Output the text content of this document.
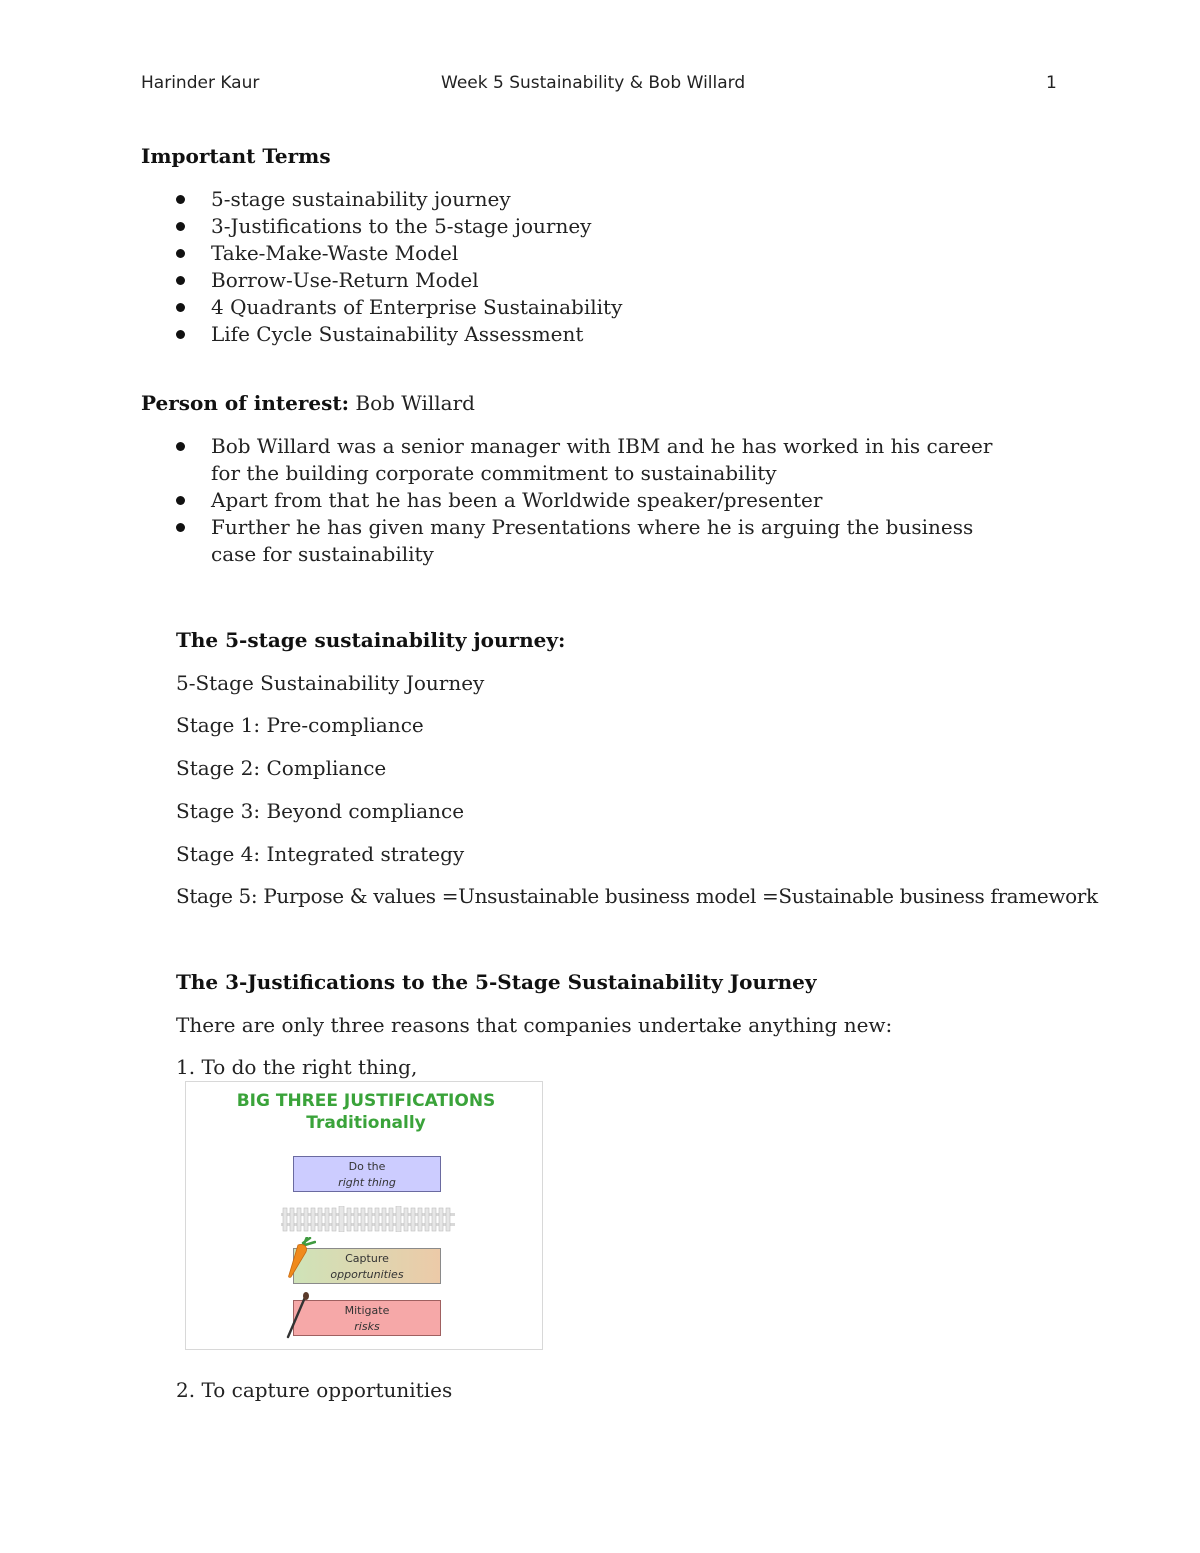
Harinder Kaur	Week 5 Sustainability & Bob Willard	1
Important Terms
5-stage sustainability journey
3-Justifications to the 5-stage journey
Take-Make-Waste Model
Borrow-Use-Return Model
4 Quadrants of Enterprise Sustainability
Life Cycle Sustainability Assessment
Person of interest: Bob Willard
Bob Willard was a senior manager with IBM and he has worked in his career for the building corporate commitment to sustainability
Apart from that he has been a Worldwide speaker/presenter
Further he has given many Presentations where he is arguing the business case for sustainability
The 5-stage sustainability journey:
5-Stage Sustainability Journey
Stage 1: Pre-compliance
Stage 2: Compliance
Stage 3: Beyond compliance
Stage 4: Integrated strategy
Stage 5: Purpose & values =Unsustainable business model =Sustainable business framework
The 3-Justifications to the 5-Stage Sustainability Journey
There are only three reasons that companies undertake anything new:
1. To do the right thing,
BIG THREE JUSTIFICATIONS
Traditionally
Do the
right thing
Capture
opportunities
Mitigate
risks
2. To capture opportunities
